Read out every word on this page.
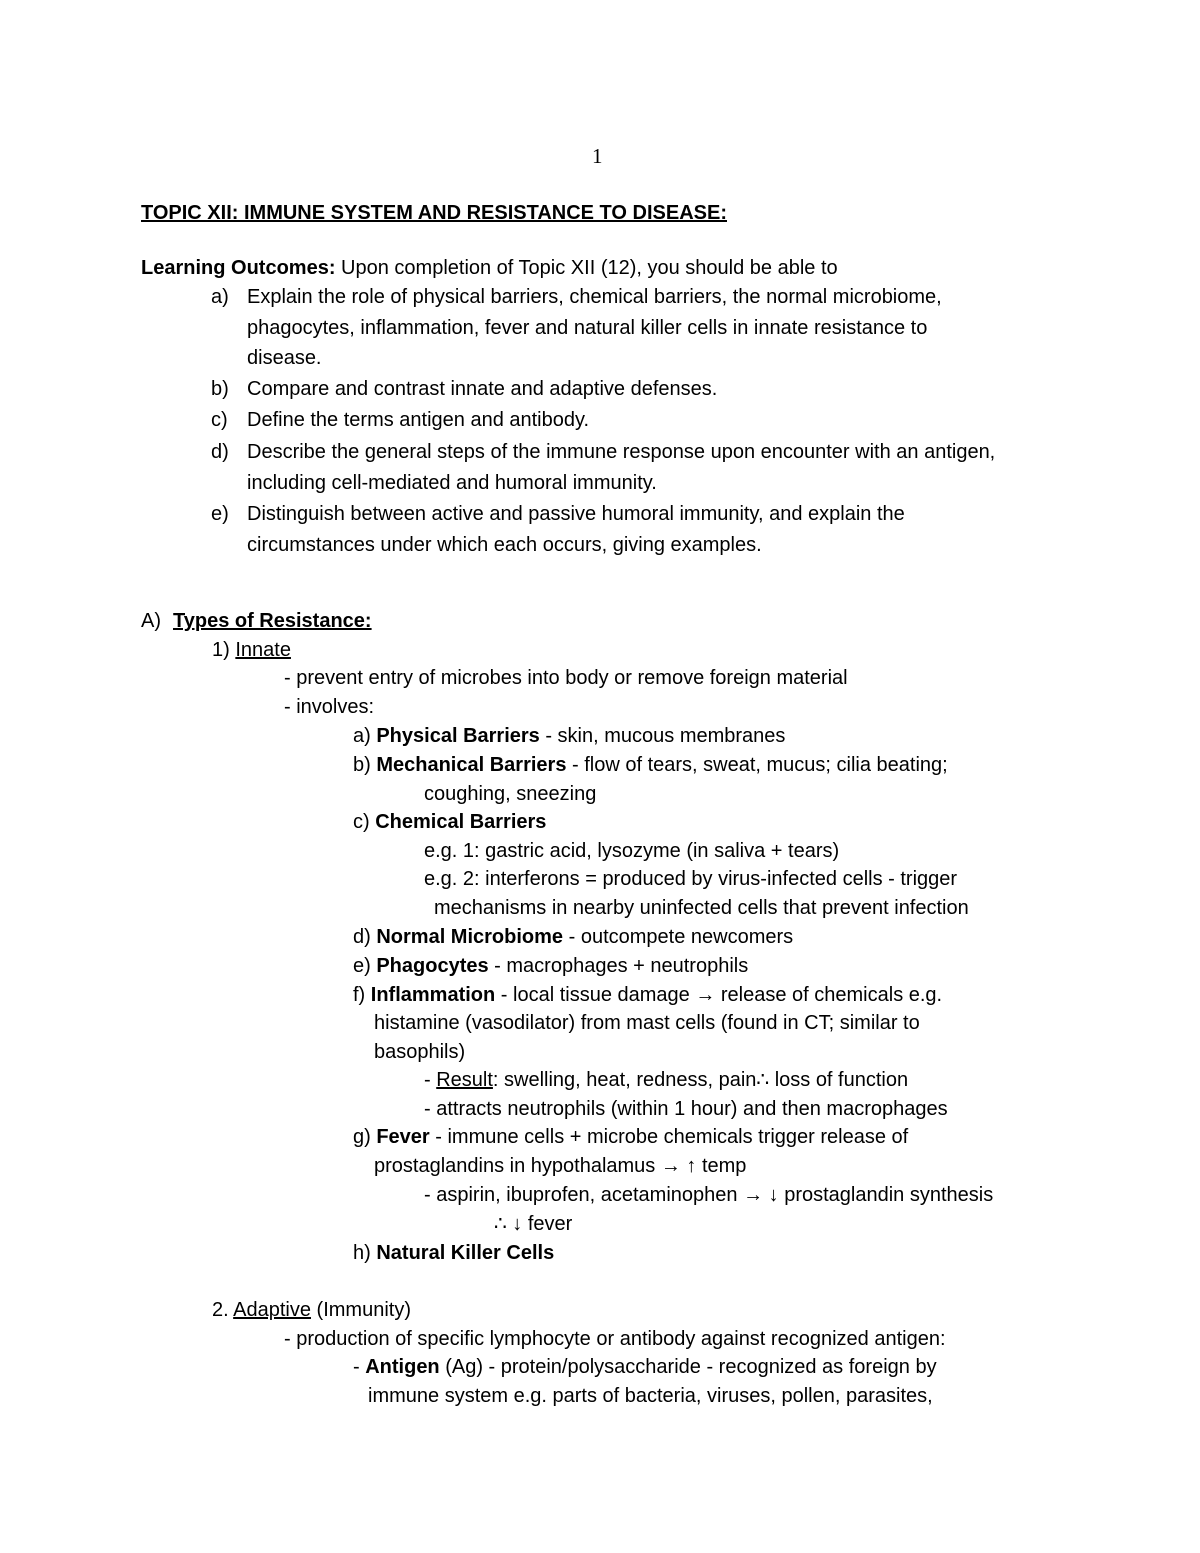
1
TOPIC XII: IMMUNE SYSTEM AND RESISTANCE TO DISEASE:
Learning Outcomes: Upon completion of Topic XII (12), you should be able to
a) Explain the role of physical barriers, chemical barriers, the normal microbiome,
phagocytes, inflammation, fever and natural killer cells in innate resistance to
disease.
b) Compare and contrast innate and adaptive defenses.
c) Define the terms antigen and antibody.
d) Describe the general steps of the immune response upon encounter with an antigen,
including cell-mediated and humoral immunity.
e) Distinguish between active and passive humoral immunity, and explain the
circumstances under which each occurs, giving examples.
A) Types of Resistance:
1) Innate
- prevent entry of microbes into body or remove foreign material
- involves:
a) Physical Barriers - skin, mucous membranes
b) Mechanical Barriers - flow of tears, sweat, mucus; cilia beating;
coughing, sneezing
c) Chemical Barriers
e.g. 1: gastric acid, lysozyme (in saliva + tears)
e.g. 2: interferons = produced by virus-infected cells - trigger
mechanisms in nearby uninfected cells that prevent infection
d) Normal Microbiome - outcompete newcomers
e) Phagocytes - macrophages + neutrophils
f) Inflammation - local tissue damage → release of chemicals e.g.
histamine (vasodilator) from mast cells (found in CT; similar to
basophils)
- Result: swelling, heat, redness, pain∴ loss of function
- attracts neutrophils (within 1 hour) and then macrophages
g) Fever - immune cells + microbe chemicals trigger release of
prostaglandins in hypothalamus → ↑ temp
- aspirin, ibuprofen, acetaminophen → ↓ prostaglandin synthesis
∴ ↓ fever
h) Natural Killer Cells
2. Adaptive (Immunity)
- production of specific lymphocyte or antibody against recognized antigen:
- Antigen (Ag) - protein/polysaccharide - recognized as foreign by
immune system e.g. parts of bacteria, viruses, pollen, parasites,
